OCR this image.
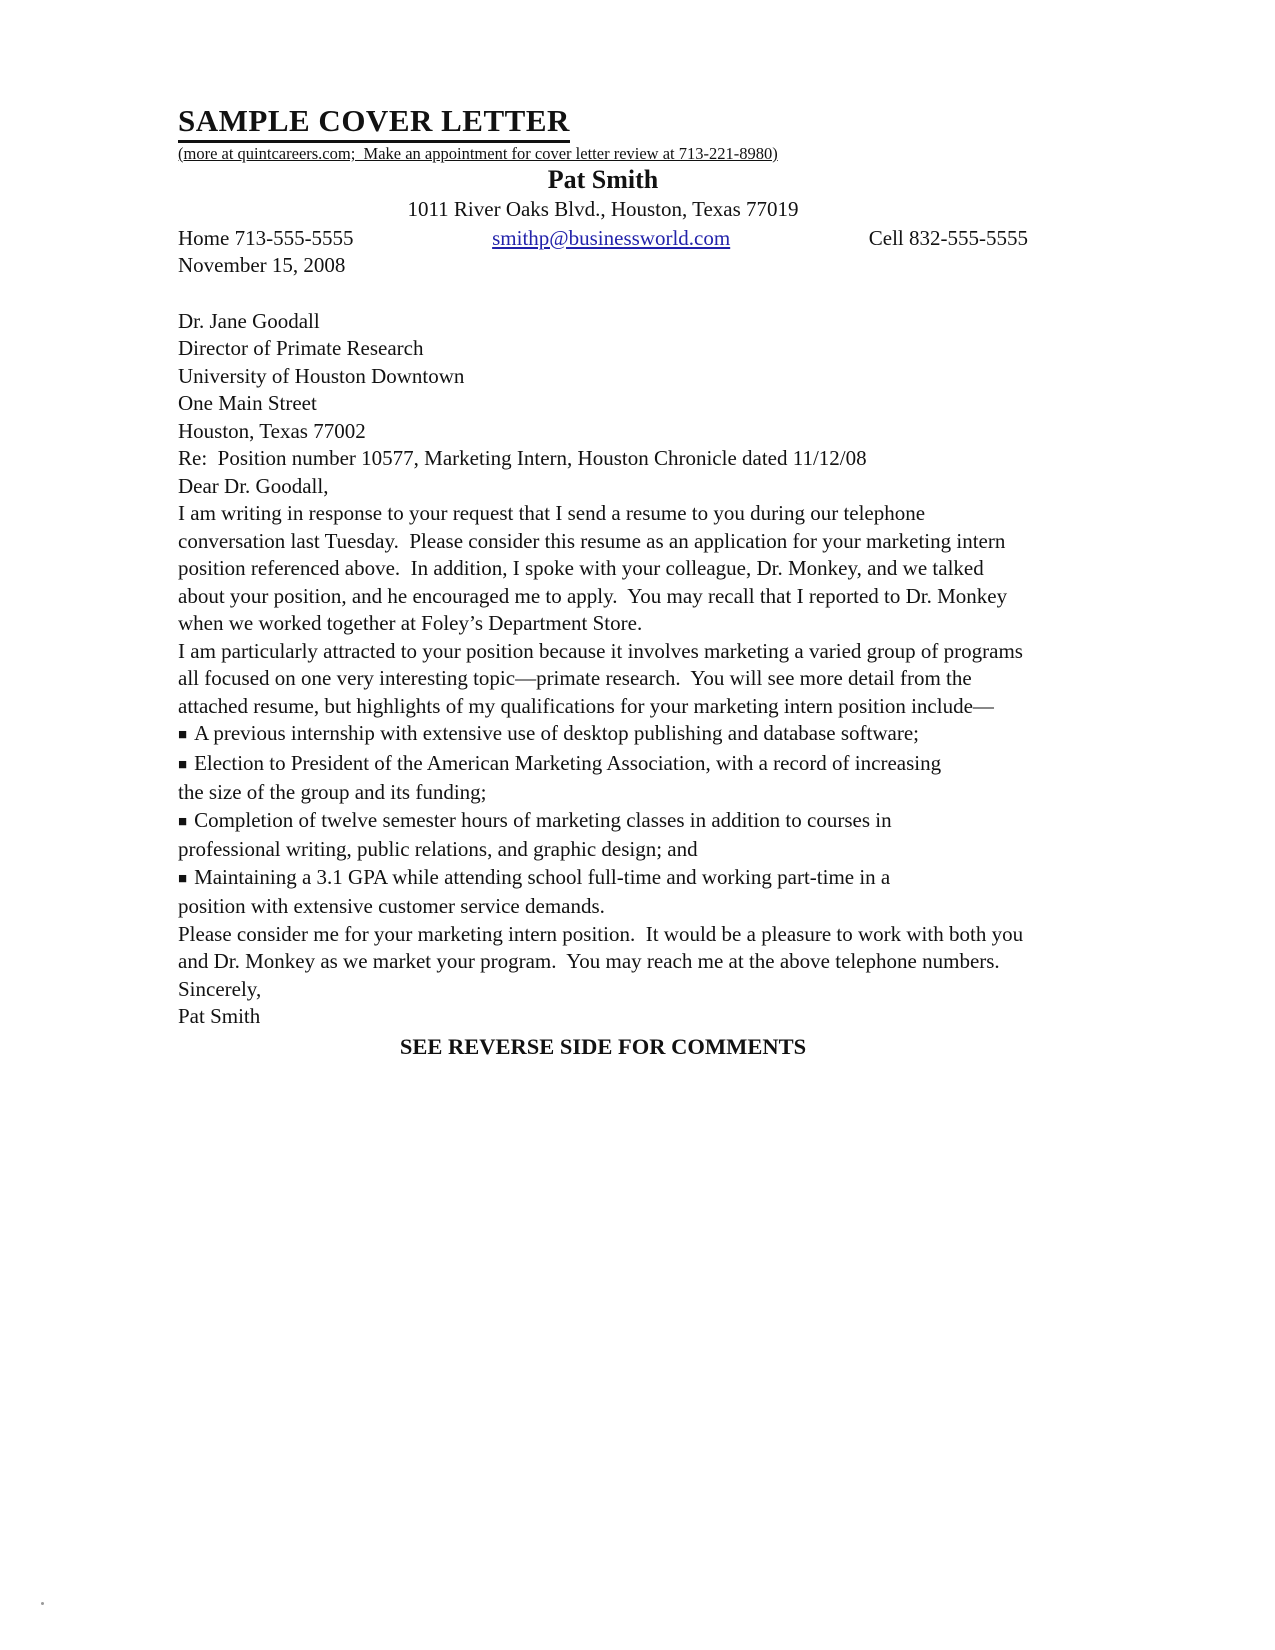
SAMPLE COVER LETTER
(more at quintcareers.com;  Make an appointment for cover letter review at 713-221-8980)
Pat Smith
1011 River Oaks Blvd., Houston, Texas 77019
Home 713-555-5555	smithp@businessworld.com	Cell 832-555-5555

November 15, 2008

Dr. Jane Goodall
Director of Primate Research
University of Houston Downtown
One Main Street
Houston, Texas 77002

Re:  Position number 10577, Marketing Intern, Houston Chronicle dated 11/12/08

Dear Dr. Goodall,

I am writing in response to your request that I send a resume to you during our telephone conversation last Tuesday.  Please consider this resume as an application for your marketing intern position referenced above.  In addition, I spoke with your colleague, Dr. Monkey, and we talked about your position, and he encouraged me to apply.  You may recall that I reported to Dr. Monkey when we worked together at Foley’s Department Store.

I am particularly attracted to your position because it involves marketing a varied group of programs all focused on one very interesting topic—primate research.  You will see more detail from the attached resume, but highlights of my qualifications for your marketing intern position include—

■ A previous internship with extensive use of desktop publishing and database software;

■ Election to President of the American Marketing Association, with a record of increasing the size of the group and its funding;

■ Completion of twelve semester hours of marketing classes in addition to courses in professional writing, public relations, and graphic design; and

■ Maintaining a 3.1 GPA while attending school full-time and working part-time in a position with extensive customer service demands.

Please consider me for your marketing intern position.  It would be a pleasure to work with both you and Dr. Monkey as we market your program.  You may reach me at the above telephone numbers.

Sincerely,

Pat Smith

SEE REVERSE SIDE FOR COMMENTS
